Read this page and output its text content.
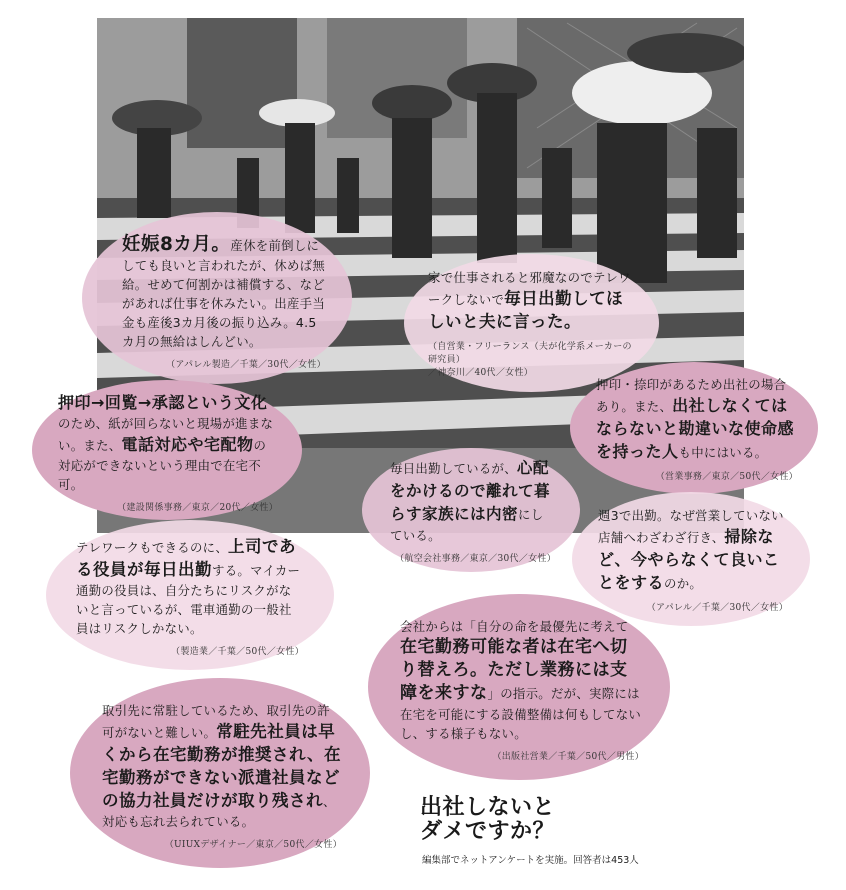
妊娠8カ月。産休を前倒しにしても良いと言われたが、休めば無給。せめて何割かは補償する、などがあれば仕事を休みたい。出産手当金も産後3カ月後の振り込み。4.5カ月の無給はしんどい。
（アパレル製造／千葉／30代／女性）
家で仕事されると邪魔なのでテレワークしないで毎日出勤してほしいと夫に言った。
（自営業・フリーランス（夫が化学系メーカーの研究員）
／神奈川／40代／女性）
押印→回覧→承認という文化のため、紙が回らないと現場が進まない。また、電話対応や宅配物の対応ができないという理由で在宅不可。
（建設関係事務／東京／20代／女性）
押印・捺印があるため出社の場合あり。また、出社しなくてはならないと勘違いな使命感を持った人も中にはいる。
（営業事務／東京／50代／女性）
毎日出勤しているが、心配をかけるので離れて暮らす家族には内密にしている。
（航空会社事務／東京／30代／女性）
テレワークもできるのに、上司である役員が毎日出勤する。マイカー通勤の役員は、自分たちにリスクがないと言っているが、電車通勤の一般社員はリスクしかない。
（製造業／千葉／50代／女性）
週3で出勤。なぜ営業していない店舗へわざわざ行き、掃除など、今やらなくて良いことをするのか。
（アパレル／千葉／30代／女性）
会社からは「自分の命を最優先に考えて在宅勤務可能な者は在宅へ切り替えろ。ただし業務には支障を来すな」の指示。だが、実際には在宅を可能にする設備整備は何もしてないし、する様子もない。
（出版社営業／千葉／50代／男性）
取引先に常駐しているため、取引先の許可がないと難しい。常駐先社員は早くから在宅勤務が推奨され、在宅勤務ができない派遣社員などの協力社員だけが取り残され、対応も忘れ去られている。
（UIUXデザイナー／東京／50代／女性）
出社しないと
ダメですか？
編集部でネットアンケートを実施。回答者は453人
